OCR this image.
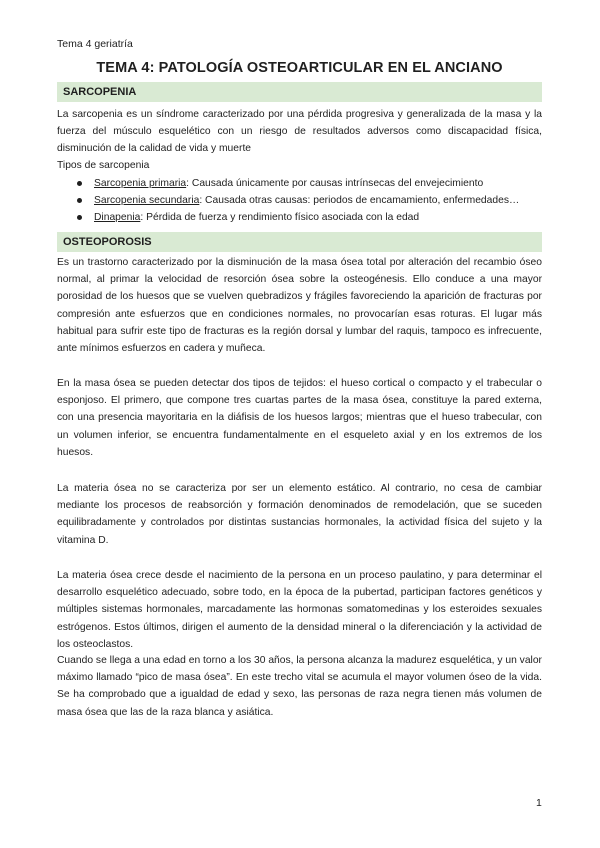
Tema 4 geriatría
TEMA 4: PATOLOGÍA OSTEOARTICULAR EN EL ANCIANO
SARCOPENIA

La sarcopenia es un síndrome caracterizado por una pérdida progresiva y generalizada de la masa y la fuerza del músculo esquelético con un riesgo de resultados adversos como discapacidad física, disminución de la calidad de vida y muerte

Tipos de sarcopenia
Sarcopenia primaria: Causada únicamente por causas intrínsecas del envejecimiento
Sarcopenia secundaria: Causada otras causas: periodos de encamamiento, enfermedades…
Dinapenia: Pérdida de fuerza y rendimiento físico asociada con la edad
OSTEOPOROSIS

Es un trastorno caracterizado por la disminución de la masa ósea total por alteración del recambio óseo normal, al primar la velocidad de resorción ósea sobre la osteogénesis. Ello conduce a una mayor porosidad de los huesos que se vuelven quebradizos y frágiles favoreciendo la aparición de fracturas por compresión ante esfuerzos que en condiciones normales, no provocarían esas roturas. El lugar más habitual para sufrir este tipo de fracturas es la región dorsal y lumbar del raquis, tampoco es infrecuente, ante mínimos esfuerzos en cadera y muñeca.

En la masa ósea se pueden detectar dos tipos de tejidos: el hueso cortical o compacto y el trabecular o esponjoso. El primero, que compone tres cuartas partes de la masa ósea, constituye la pared externa, con una presencia mayoritaria en la diáfisis de los huesos largos; mientras que el hueso trabecular, con un volumen inferior, se encuentra fundamentalmente en el esqueleto axial y en los extremos de los huesos.

La materia ósea no se caracteriza por ser un elemento estático. Al contrario, no cesa de cambiar mediante los procesos de reabsorción y formación denominados de remodelación, que se suceden equilibradamente y controlados por distintas sustancias hormonales, la actividad física del sujeto y la vitamina D.

La materia ósea crece desde el nacimiento de la persona en un proceso paulatino, y para determinar el desarrollo esquelético adecuado, sobre todo, en la época de la pubertad, participan factores genéticos y múltiples sistemas hormonales, marcadamente las hormonas somatomedinas y los esteroides sexuales estrógenos. Estos últimos, dirigen el aumento de la densidad mineral o la diferenciación y la actividad de los osteoclastos.

Cuando se llega a una edad en torno a los 30 años, la persona alcanza la madurez esquelética, y un valor máximo llamado “pico de masa ósea”. En este trecho vital se acumula el mayor volumen óseo de la vida. Se ha comprobado que a igualdad de edad y sexo, las personas de raza negra tienen más volumen de masa ósea que las de la raza blanca y asiática.

1
